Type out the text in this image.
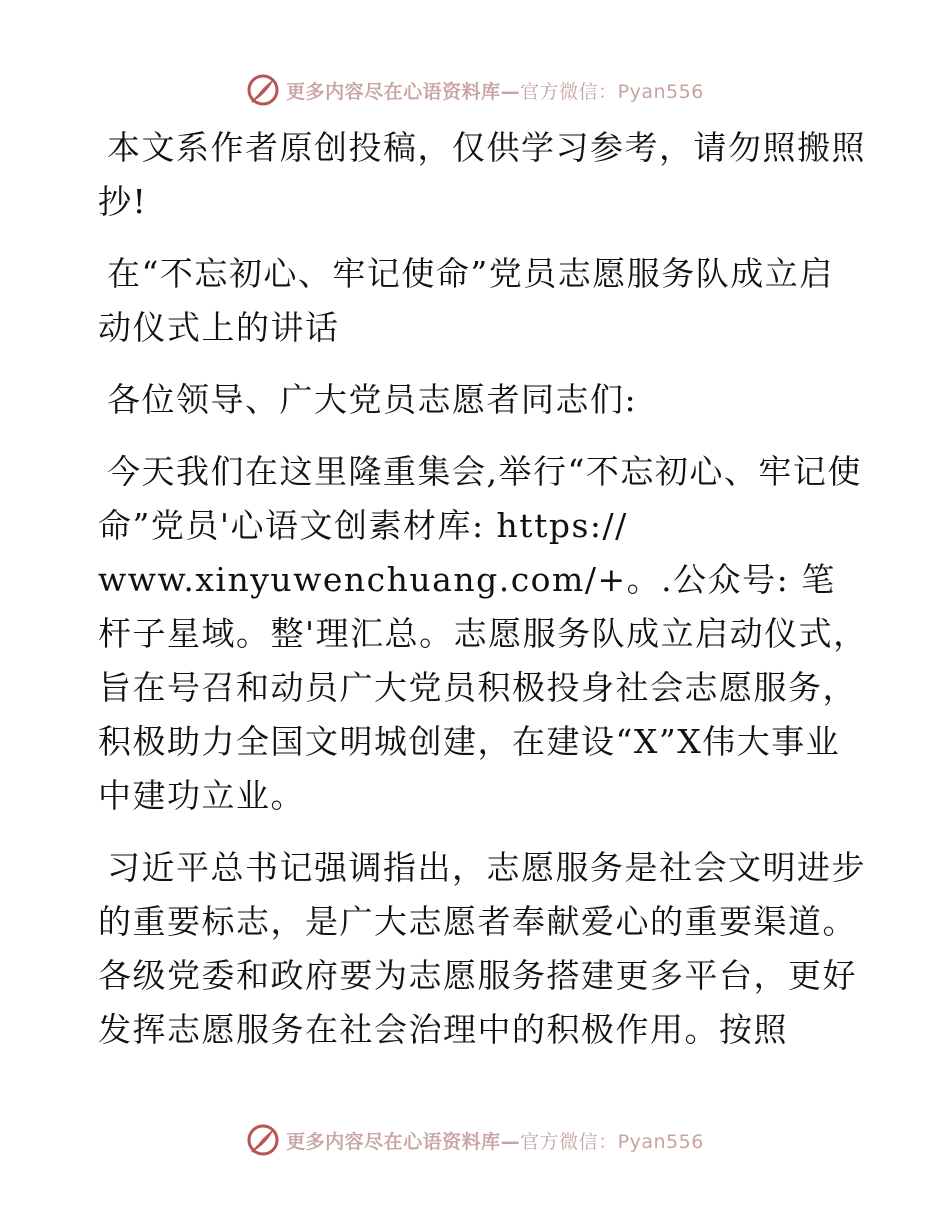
更多内容尽在心语资料库—官方微信：Pyan556

本文系作者原创投稿，仅供学习参考，请勿照搬照抄!

在“不忘初心、牢记使命”党员志愿服务队成立启动仪式上的讲话

各位领导、广大党员志愿者同志们:

今天我们在这里隆重集会,举行“不忘初心、牢记使命”党员'心语文创素材库: https://
www.xinyuwenchuang.com/+。.公众号: 笔杆子星域。整'理汇总。志愿服务队成立启动仪式，旨在号召和动员广大党员积极投身社会志愿服务，积极助力全国文明城创建，在建设“X”X伟大事业中建功立业。

习近平总书记强调指出，志愿服务是社会文明进步的重要标志，是广大志愿者奉献爱心的重要渠道。各级党委和政府要为志愿服务搭建更多平台，更好发挥志愿服务在社会治理中的积极作用。按照

更多内容尽在心语资料库—官方微信：Pyan556
